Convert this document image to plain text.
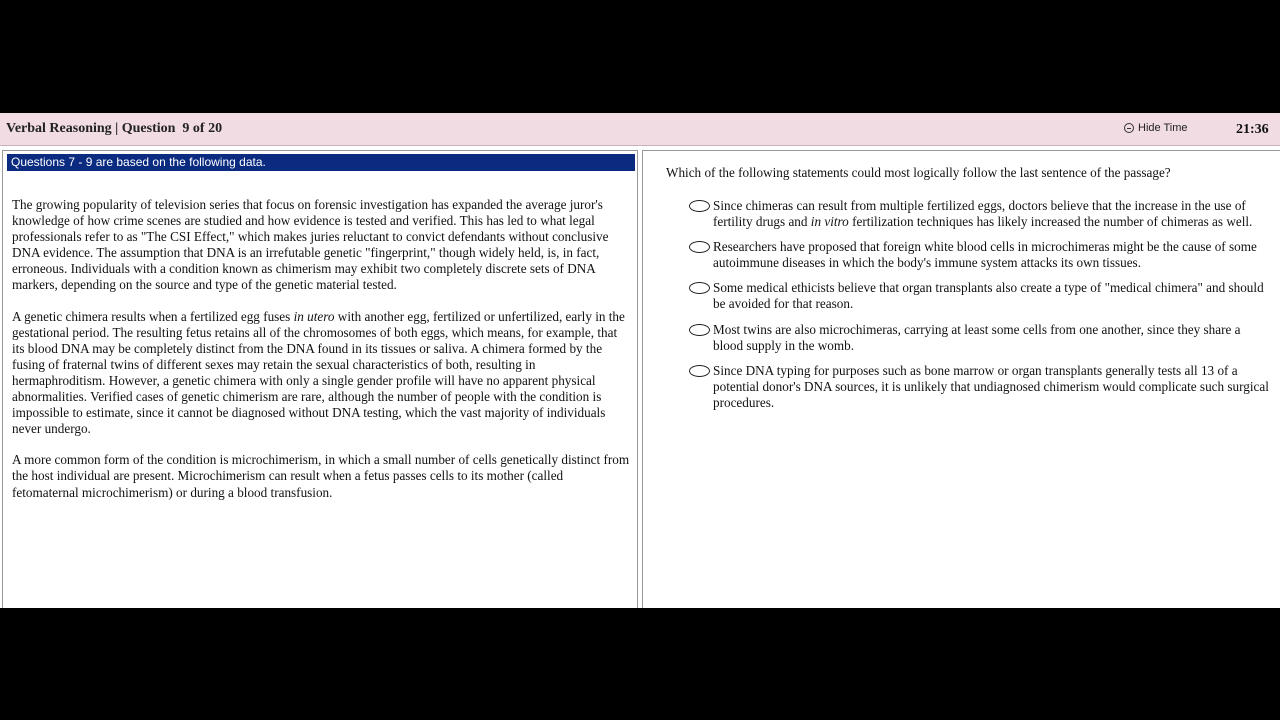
Verbal Reasoning | Question  9 of 20	Hide Time	21:36
Questions 7 - 9 are based on the following data.

The growing popularity of television series that focus on forensic investigation has expanded the average juror's knowledge of how crime scenes are studied and how evidence is tested and verified. This has led to what legal professionals refer to as "The CSI Effect," which makes juries reluctant to convict defendants without conclusive DNA evidence. The assumption that DNA is an irrefutable genetic "fingerprint," though widely held, is, in fact, erroneous. Individuals with a condition known as chimerism may exhibit two completely discrete sets of DNA markers, depending on the source and type of the genetic material tested.

A genetic chimera results when a fertilized egg fuses in utero with another egg, fertilized or unfertilized, early in the gestational period. The resulting fetus retains all of the chromosomes of both eggs, which means, for example, that its blood DNA may be completely distinct from the DNA found in its tissues or saliva. A chimera formed by the fusing of fraternal twins of different sexes may retain the sexual characteristics of both, resulting in hermaphroditism. However, a genetic chimera with only a single gender profile will have no apparent physical abnormalities. Verified cases of genetic chimerism are rare, although the number of people with the condition is impossible to estimate, since it cannot be diagnosed without DNA testing, which the vast majority of individuals never undergo.

A more common form of the condition is microchimerism, in which a small number of cells genetically distinct from the host individual are present. Microchimerism can result when a fetus passes cells to its mother (called fetomaternal microchimerism) or during a blood transfusion.

Which of the following statements could most logically follow the last sentence of the passage?
Since chimeras can result from multiple fertilized eggs, doctors believe that the increase in the use of fertility drugs and in vitro fertilization techniques has likely increased the number of chimeras as well.
Researchers have proposed that foreign white blood cells in microchimeras might be the cause of some autoimmune diseases in which the body's immune system attacks its own tissues.
Some medical ethicists believe that organ transplants also create a type of "medical chimera" and should be avoided for that reason.
Most twins are also microchimeras, carrying at least some cells from one another, since they share a blood supply in the womb.
Since DNA typing for purposes such as bone marrow or organ transplants generally tests all 13 of a potential donor's DNA sources, it is unlikely that undiagnosed chimerism would complicate such surgical procedures.
